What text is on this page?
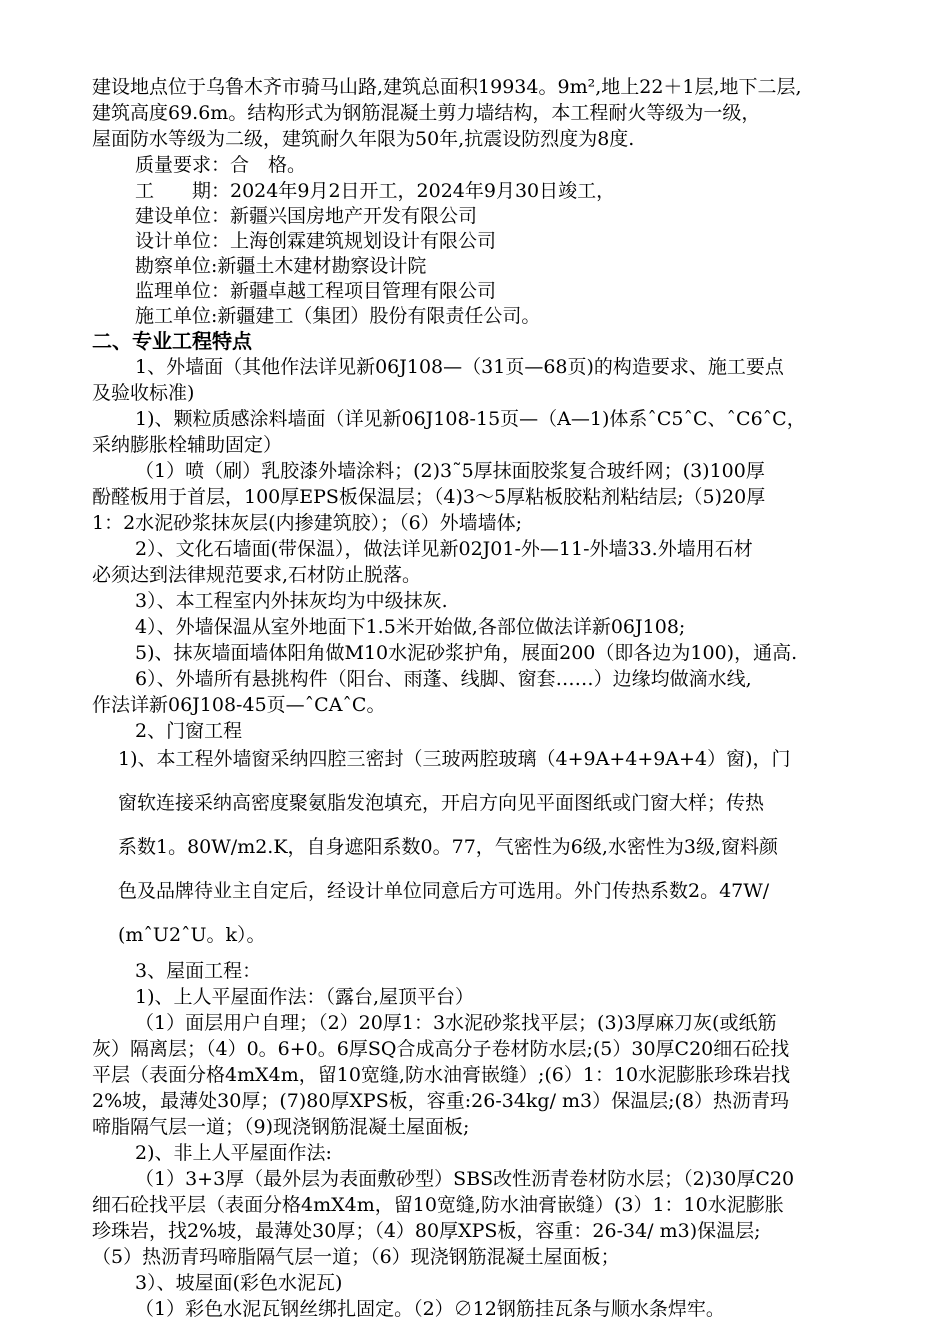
建设地点位于乌鲁木齐市骑马山路,建筑总面积19934。9m²,地上22＋1层,地下二层,
建筑高度69.6m。结构形式为钢筋混凝土剪力墙结构，本工程耐火等级为一级，
屋面防水等级为二级，建筑耐久年限为50年,抗震设防烈度为8度.
质量要求：合　格。
工　　期：2024年9月2日开工，2024年9月30日竣工，
建设单位：新疆兴国房地产开发有限公司
设计单位：上海创霖建筑规划设计有限公司
勘察单位:新疆土木建材勘察设计院
监理单位：新疆卓越工程项目管理有限公司
施工单位:新疆建工（集团）股份有限责任公司。
二、专业工程特点
1、外墙面（其他作法详见新06J108—（31页—68页)的构造要求、施工要点
及验收标准)
1)、颗粒质感涂料墙面（详见新06J108-15页—（A—1)体系ˆC5ˆC、ˆC6ˆC，
采纳膨胀栓辅助固定）
（1）喷（刷）乳胶漆外墙涂料；(2)3˜5厚抹面胶浆复合玻纤网；(3)100厚
酚醛板用于首层，100厚EPS板保温层；（4)3～5厚粘板胶粘剂粘结层;（5)20厚
1：2水泥砂浆抹灰层(内掺建筑胶）；（6）外墙墙体;
2）、文化石墙面(带保温），做法详见新02J01-外—11-外墙33.外墙用石材
必须达到法律规范要求,石材防止脱落。
3）、本工程室内外抹灰均为中级抹灰.
4）、外墙保温从室外地面下1.5米开始做,各部位做法详新06J108;
5)、抹灰墙面墙体阳角做M10水泥砂浆护角，展面200（即各边为100)，通高.
6）、外墙所有悬挑构件（阳台、雨蓬、线脚、窗套……）边缘均做滴水线,
作法详新06J108-45页—ˆCAˆC。
2、门窗工程
1)、本工程外墙窗采纳四腔三密封（三玻两腔玻璃（4+9A+4+9A+4）窗)，门
窗软连接采纳高密度聚氨脂发泡填充，开启方向见平面图纸或门窗大样；传热
系数1。80W/m2.K，自身遮阳系数0。77，气密性为6级,水密性为3级,窗料颜
色及品牌待业主自定后，经设计单位同意后方可选用。外门传热系数2。47W/
(mˆU2ˆU。k）。
3、屋面工程：
1)、上人平屋面作法：（露台,屋顶平台）
（1）面层用户自理；（2）20厚1：3水泥砂浆找平层；(3)3厚麻刀灰(或纸筋
灰）隔离层；（4）0。6+0。6厚SQ合成高分子卷材防水层;(5）30厚C20细石砼找
平层（表面分格4mX4m，留10宽缝,防水油膏嵌缝）;(6）1：10水泥膨胀珍珠岩找
2%坡，最薄处30厚；(7)80厚XPS板，容重:26-34kg/ m3）保温层;(8）热沥青玛
啼脂隔气层一道；（9)现浇钢筋混凝土屋面板;
2)、非上人平屋面作法:
（1）3+3厚（最外层为表面敷砂型）SBS改性沥青卷材防水层；（2)30厚C20
细石砼找平层（表面分格4mX4m，留10宽缝,防水油膏嵌缝）(3）1：10水泥膨胀
珍珠岩，找2%坡，最薄处30厚；（4）80厚XPS板，容重：26-34/ m3)保温层;
（5）热沥青玛啼脂隔气层一道；（6）现浇钢筋混凝土屋面板；
3）、坡屋面(彩色水泥瓦)
（1）彩色水泥瓦钢丝绑扎固定。（2）∅12钢筋挂瓦条与顺水条焊牢。
